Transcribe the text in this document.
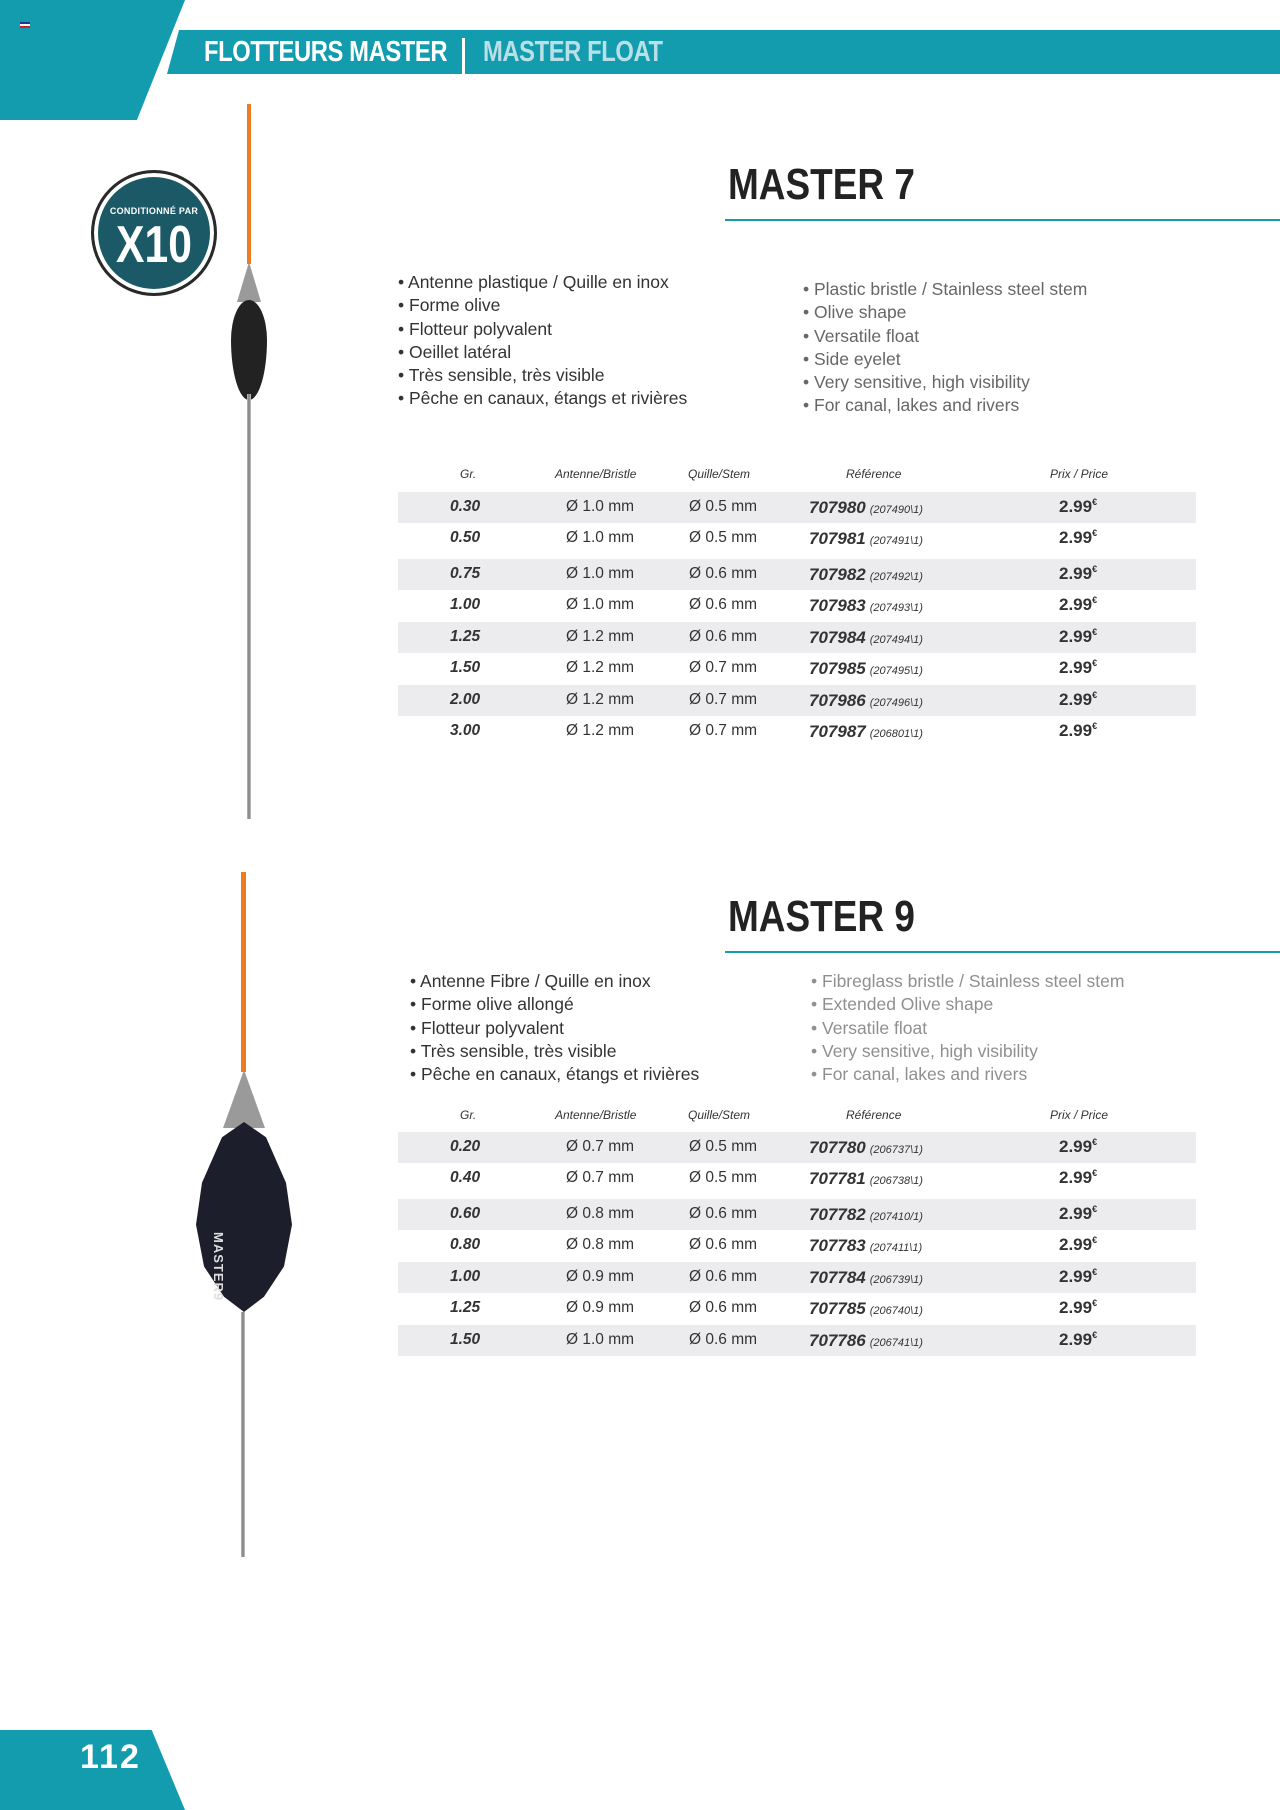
FLOTTEURS MASTER MASTER FLOAT
CONDITIONNÉ PAR
X10
MASTER 7
• Antenne plastique / Quille en inox
• Forme olive
• Flotteur polyvalent
• Oeillet latéral
• Très sensible, très visible
• Pêche en canaux, étangs et rivières
• Plastic bristle / Stainless steel stem
• Olive shape
• Versatile float
• Side eyelet
• Very sensitive, high visibility
• For canal, lakes and rivers
Gr.	Antenne/Bristle	Quille/Stem	Référence	Prix / Price
0.30	Ø 1.0 mm	Ø 0.5 mm	707980 (207490\1)	2.99€
0.50	Ø 1.0 mm	Ø 0.5 mm	707981 (207491\1)	2.99€
0.75	Ø 1.0 mm	Ø 0.6 mm	707982 (207492\1)	2.99€
1.00	Ø 1.0 mm	Ø 0.6 mm	707983 (207493\1)	2.99€
1.25	Ø 1.2 mm	Ø 0.6 mm	707984 (207494\1)	2.99€
1.50	Ø 1.2 mm	Ø 0.7 mm	707985 (207495\1)	2.99€
2.00	Ø 1.2 mm	Ø 0.7 mm	707986 (207496\1)	2.99€
3.00	Ø 1.2 mm	Ø 0.7 mm	707987 (206801\1)	2.99€
MASTER9
MASTER 9
• Antenne Fibre / Quille en inox
• Forme olive allongé
• Flotteur polyvalent
• Très sensible, très visible
• Pêche en canaux, étangs et rivières
• Fibreglass bristle / Stainless steel stem
• Extended Olive shape
• Versatile float
• Very sensitive, high visibility
• For canal, lakes and rivers
Gr.	Antenne/Bristle	Quille/Stem	Référence	Prix / Price
0.20	Ø 0.7 mm	Ø 0.5 mm	707780 (206737\1)	2.99€
0.40	Ø 0.7 mm	Ø 0.5 mm	707781 (206738\1)	2.99€
0.60	Ø 0.8 mm	Ø 0.6 mm	707782 (207410/1)	2.99€
0.80	Ø 0.8 mm	Ø 0.6 mm	707783 (207411\1)	2.99€
1.00	Ø 0.9 mm	Ø 0.6 mm	707784 (206739\1)	2.99€
1.25	Ø 0.9 mm	Ø 0.6 mm	707785 (206740\1)	2.99€
1.50	Ø 1.0 mm	Ø 0.6 mm	707786 (206741\1)	2.99€
112
